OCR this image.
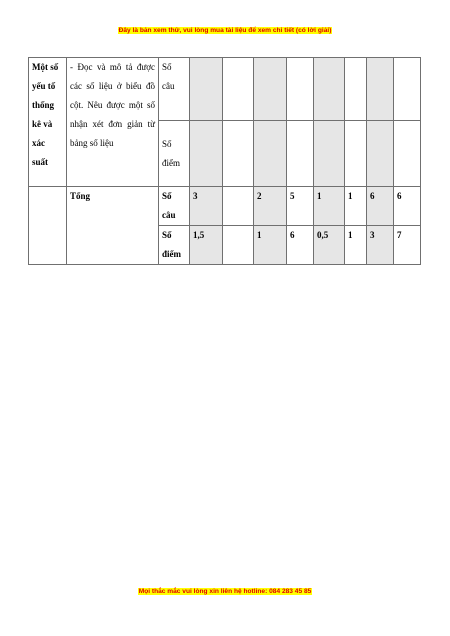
Đây là bản xem thử, vui lòng mua tài liệu để xem chi tiết (có lời giải)
Một số yếu tố thống kê và xác suất	- Đọc và mô tả được các số liệu ở biểu đồ cột. Nêu được một số nhận xét đơn giản từ bảng số liệu	Số câu								
		Số điểm								
	Tổng	Số câu	3		2	5	1	1	6	6
		Số điểm	1,5		1	6	0,5	1	3	7
Mọi thắc mắc vui lòng xin liên hệ hotline: 084 283 45 85
